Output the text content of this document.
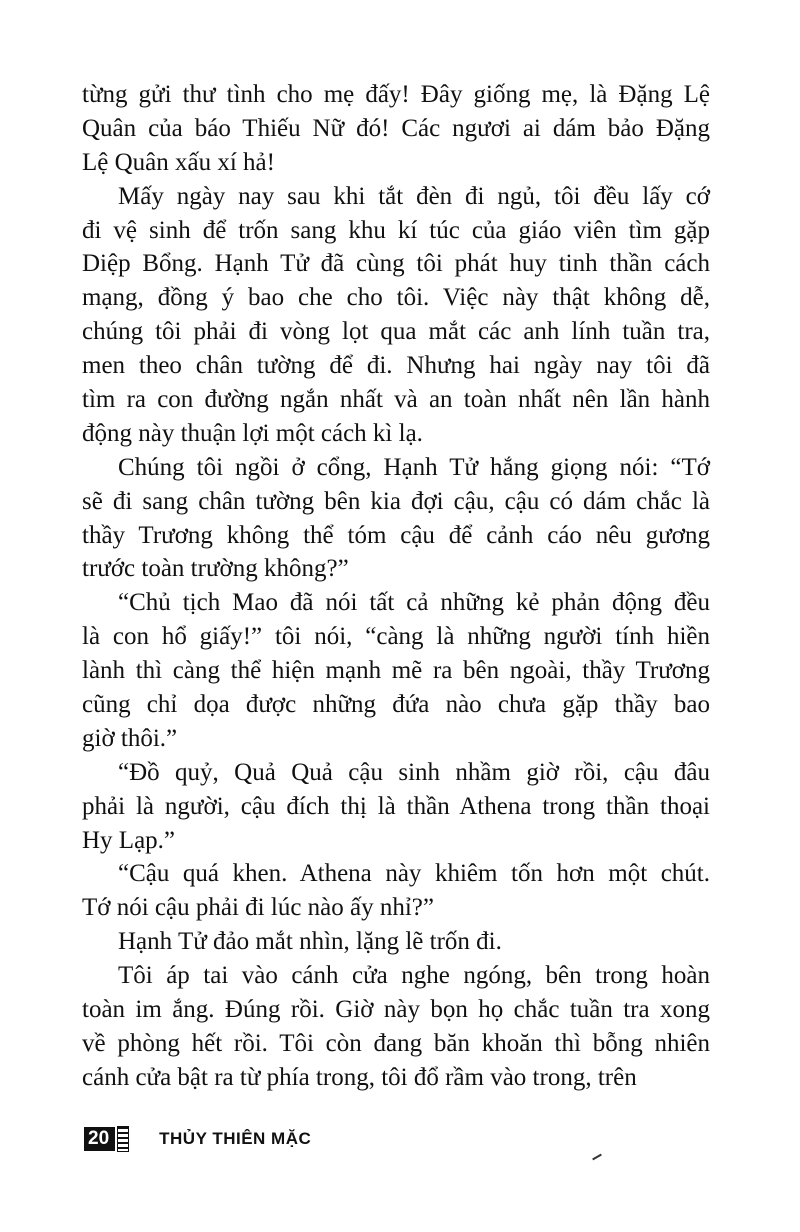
từng gửi thư tình cho mẹ đấy! Đây giống mẹ, là Đặng Lệ
Quân của báo Thiếu Nữ đó! Các ngươi ai dám bảo Đặng
Lệ Quân xấu xí hả!
Mấy ngày nay sau khi tắt đèn đi ngủ, tôi đều lấy cớ
đi vệ sinh để trốn sang khu kí túc của giáo viên tìm gặp
Diệp Bổng. Hạnh Tử đã cùng tôi phát huy tinh thần cách
mạng, đồng ý bao che cho tôi. Việc này thật không dễ,
chúng tôi phải đi vòng lọt qua mắt các anh lính tuần tra,
men theo chân tường để đi. Nhưng hai ngày nay tôi đã
tìm ra con đường ngắn nhất và an toàn nhất nên lần hành
động này thuận lợi một cách kì lạ.
Chúng tôi ngồi ở cổng, Hạnh Tử hắng giọng nói: “Tớ
sẽ đi sang chân tường bên kia đợi cậu, cậu có dám chắc là
thầy Trương không thể tóm cậu để cảnh cáo nêu gương
trước toàn trường không?”
“Chủ tịch Mao đã nói tất cả những kẻ phản động đều
là con hổ giấy!” tôi nói, “càng là những người tính hiền
lành thì càng thể hiện mạnh mẽ ra bên ngoài, thầy Trương
cũng chỉ dọa được những đứa nào chưa gặp thầy bao
giờ thôi.”
“Đồ quỷ, Quả Quả cậu sinh nhầm giờ rồi, cậu đâu
phải là người, cậu đích thị là thần Athena trong thần thoại
Hy Lạp.”
“Cậu quá khen. Athena này khiêm tốn hơn một chút.
Tớ nói cậu phải đi lúc nào ấy nhỉ?”
Hạnh Tử đảo mắt nhìn, lặng lẽ trốn đi.
Tôi áp tai vào cánh cửa nghe ngóng, bên trong hoàn
toàn im ắng. Đúng rồi. Giờ này bọn họ chắc tuần tra xong
về phòng hết rồi. Tôi còn đang băn khoăn thì bỗng nhiên
cánh cửa bật ra từ phía trong, tôi đổ rầm vào trong, trên
20	THỦY THIÊN MẶC
